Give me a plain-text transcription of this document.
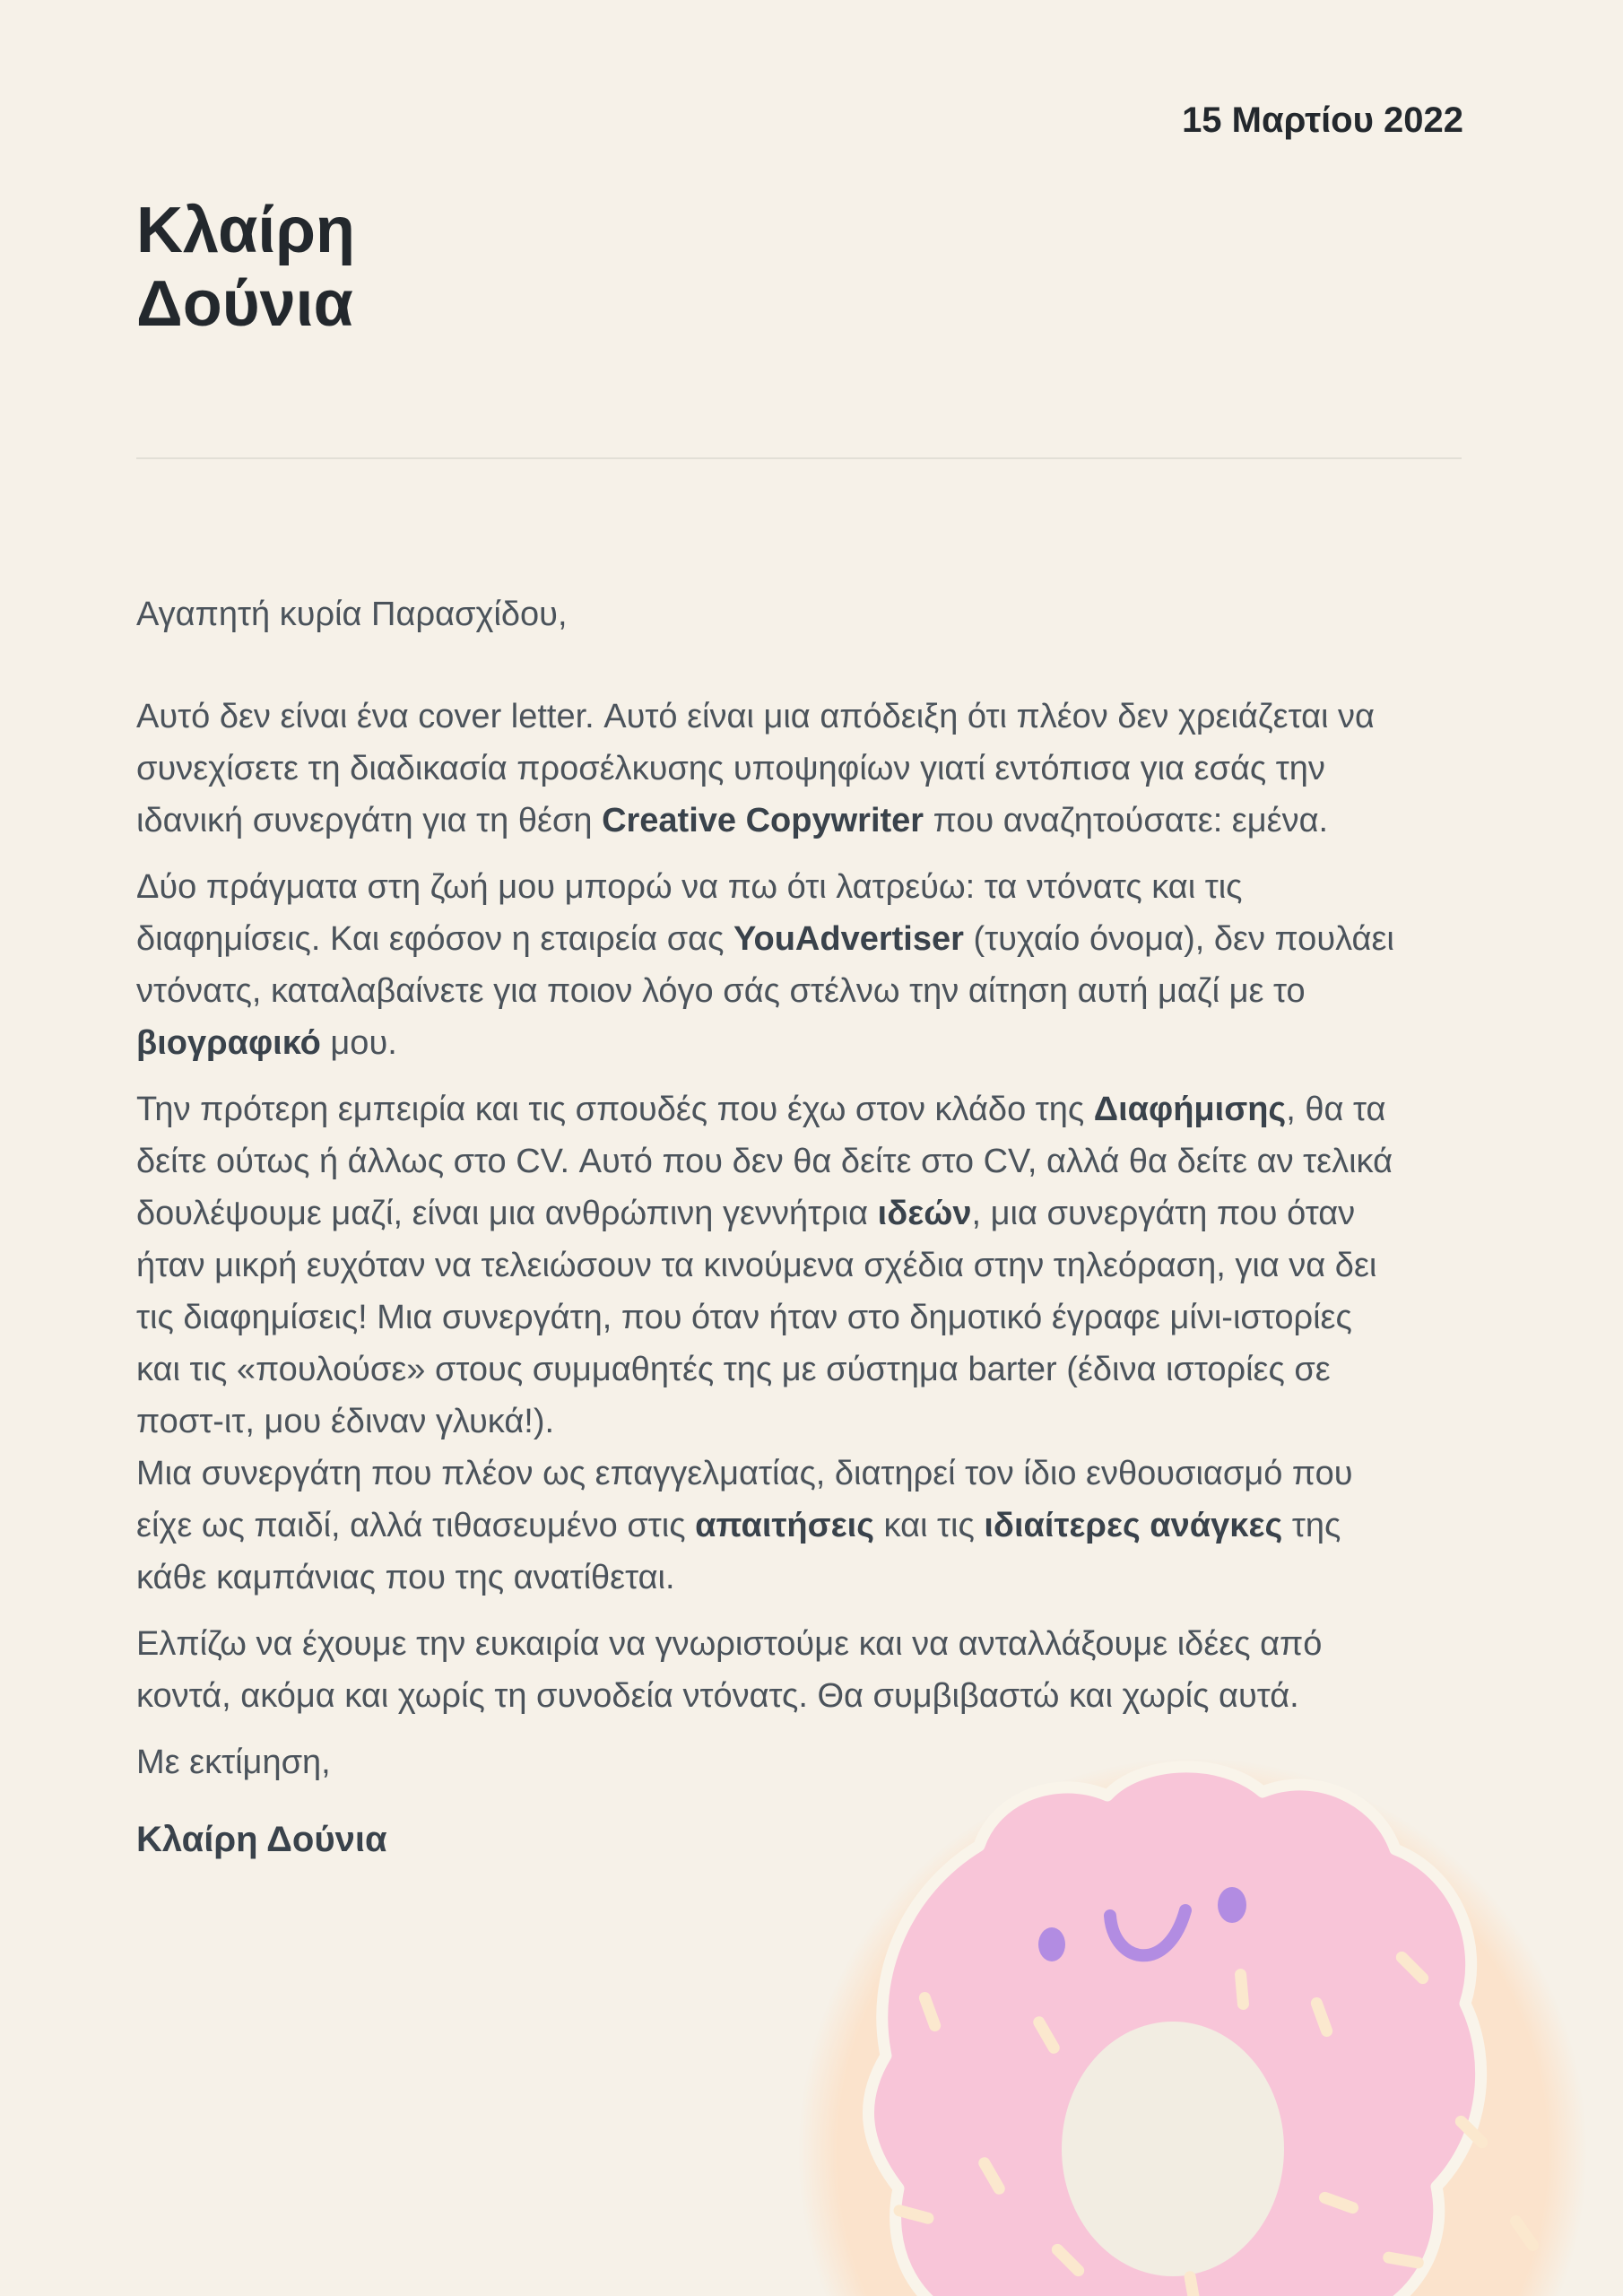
Κλαίρη
Δούνια
15 Μαρτίου 2022
Αγαπητή κυρία Παρασχίδου,
Αυτό δεν είναι ένα cover letter. Αυτό είναι μια απόδειξη ότι πλέον δεν χρειάζεται να
συνεχίσετε τη διαδικασία προσέλκυσης υποψηφίων γιατί εντόπισα για εσάς την
ιδανική συνεργάτη για τη θέση Creative Copywriter που αναζητούσατε: εμένα.
Δύο πράγματα στη ζωή μου μπορώ να πω ότι λατρεύω: τα ντόνατς και τις
διαφημίσεις. Και εφόσον η εταιρεία σας YouAdvertiser (τυχαίο όνομα), δεν πουλάει
ντόνατς, καταλαβαίνετε για ποιον λόγο σάς στέλνω την αίτηση αυτή μαζί με το
βιογραφικό μου.
Την πρότερη εμπειρία και τις σπουδές που έχω στον κλάδο της Διαφήμισης, θα τα
δείτε ούτως ή άλλως στο CV. Αυτό που δεν θα δείτε στο CV, αλλά θα δείτε αν τελικά
δουλέψουμε μαζί, είναι μια ανθρώπινη γεννήτρια ιδεών, μια συνεργάτη που όταν
ήταν μικρή ευχόταν να τελειώσουν τα κινούμενα σχέδια στην τηλεόραση, για να δει
τις διαφημίσεις! Μια συνεργάτη, που όταν ήταν στο δημοτικό έγραφε μίνι-ιστορίες
και τις «πουλούσε» στους συμμαθητές της με σύστημα barter (έδινα ιστορίες σε
ποστ-ιτ, μου έδιναν γλυκά!).
Μια συνεργάτη που πλέον ως επαγγελματίας, διατηρεί τον ίδιο ενθουσιασμό που
είχε ως παιδί, αλλά τιθασευμένο στις απαιτήσεις και τις ιδιαίτερες ανάγκες της
κάθε καμπάνιας που της ανατίθεται.
Ελπίζω να έχουμε την ευκαιρία να γνωριστούμε και να ανταλλάξουμε ιδέες από
κοντά, ακόμα και χωρίς τη συνοδεία ντόνατς. Θα συμβιβαστώ και χωρίς αυτά.
Με εκτίμηση,
Κλαίρη Δούνια
